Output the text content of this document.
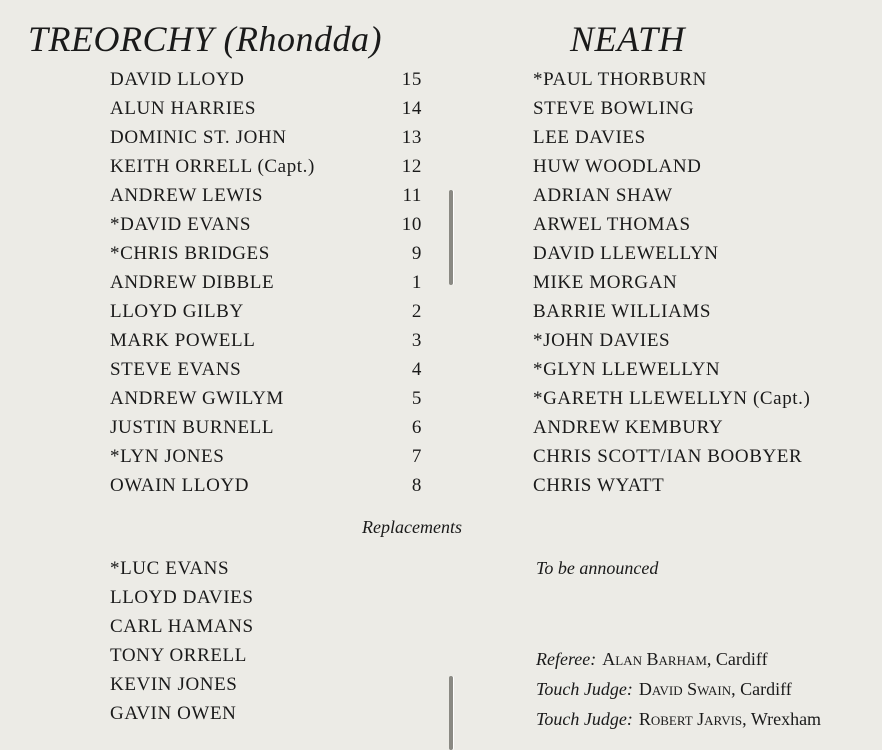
TREORCHY (Rhondda)
DAVID LLOYD	15
ALUN HARRIES	14
DOMINIC ST. JOHN	13
KEITH ORRELL (Capt.)	12
ANDREW LEWIS	11
*DAVID EVANS	10
*CHRIS BRIDGES	9
ANDREW DIBBLE	1
LLOYD GILBY	2
MARK POWELL	3
STEVE EVANS	4
ANDREW GWILYM	5
JUSTIN BURNELL	6
*LYN JONES	7
OWAIN LLOYD	8
Replacements
*LUC EVANS
LLOYD DAVIES
CARL HAMANS
TONY ORRELL
KEVIN JONES
GAVIN OWEN
NEATH
*PAUL THORBURN
STEVE BOWLING
LEE DAVIES
HUW WOODLAND
ADRIAN SHAW
ARWEL THOMAS
DAVID LLEWELLYN
MIKE MORGAN
BARRIE WILLIAMS
*JOHN DAVIES
*GLYN LLEWELLYN
*GARETH LLEWELLYN (Capt.)
ANDREW KEMBURY
CHRIS SCOTT/IAN BOOBYER
CHRIS WYATT
To be announced
Referee: Alan Barham, Cardiff
Touch Judge: David Swain, Cardiff
Touch Judge: Robert Jarvis, Wrexham
